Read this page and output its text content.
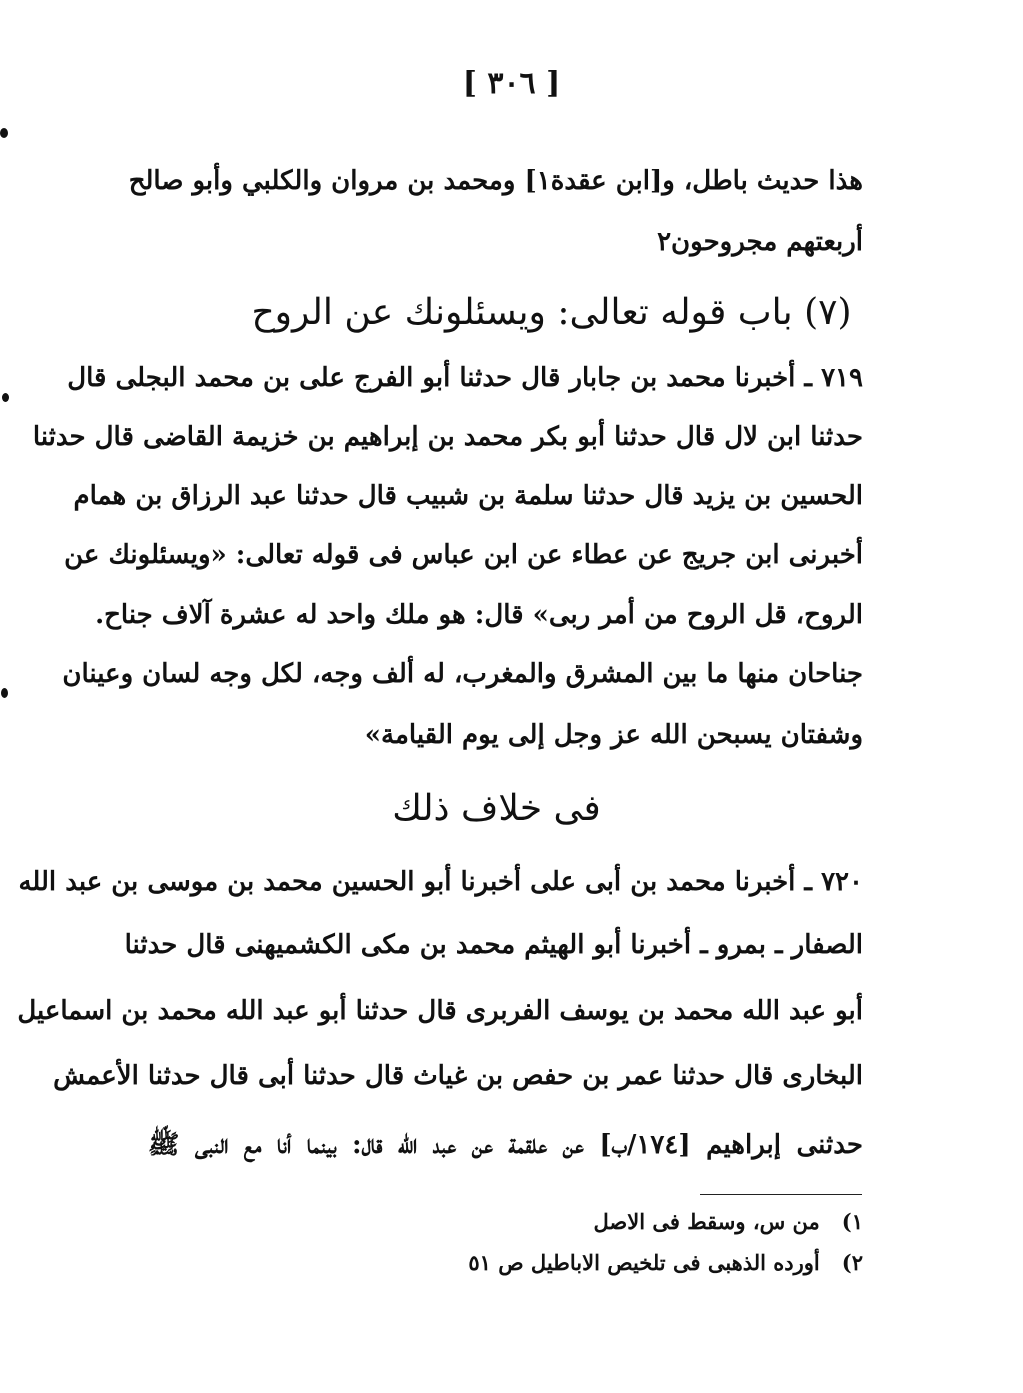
[ ٣٠٦ ]
هذا حديث باطل، و[ابن عقدة١] ومحمد بن مروان والكلبي وأبو صالح
أربعتهم مجروحون٢
(٧) باب قوله تعالى: ويسئلونك عن الروح
٧١٩ ـ أخبرنا محمد بن جابار قال حدثنا أبو الفرج على بن محمد البجلى قال
حدثنا ابن لال قال حدثنا أبو بكر محمد بن إبراهيم بن خزيمة القاضى قال حدثنا
الحسين بن يزيد قال حدثنا سلمة بن شبيب قال حدثنا عبد الرزاق بن همام
أخبرنى ابن جريج عن عطاء عن ابن عباس فى قوله تعالى: «ويسئلونك عن
الروح، قل الروح من أمر ربى» قال: هو ملك واحد له عشرة آلاف جناح.
جناحان منها ما بين المشرق والمغرب، له ألف وجه، لكل وجه لسان وعينان
وشفتان يسبحن الله عز وجل إلى يوم القيامة»
فى خلاف ذلك
٧٢٠ ـ أخبرنا محمد بن أبى على أخبرنا أبو الحسين محمد بن موسى بن عبد الله
الصفار ـ بمرو ـ أخبرنا أبو الهيثم محمد بن مكى الكشميهنى قال حدثنا
أبو عبد الله محمد بن يوسف الفربرى قال حدثنا أبو عبد الله محمد بن اسماعيل
البخارى قال حدثنا عمر بن حفص بن غياث قال حدثنا أبى قال حدثنا الأعمش
حدثنى إبراهيم [١٧٤/ب] عن علقمة عن عبد الله قال: بينما أنا مع النبى ﷺ
١)من س، وسقط فى الاصل
٢)أورده الذهبى فى تلخيص الاباطيل ص ٥١
